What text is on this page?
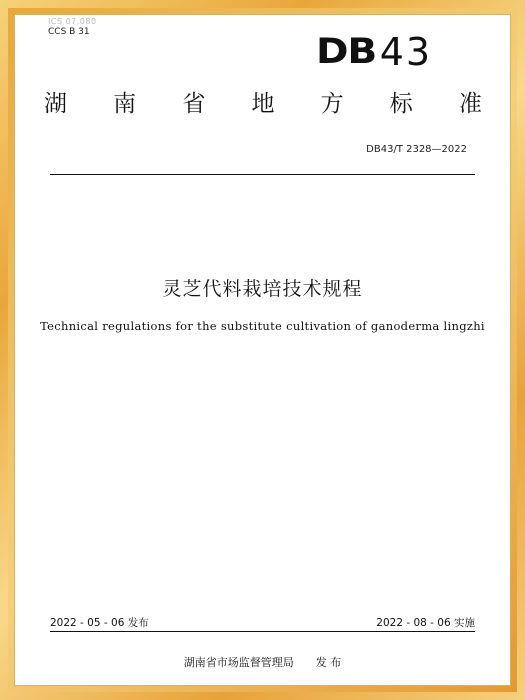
ICS 07.080
CCS B 31	DB 43
湖 南 省 地 方 标 准
DB43/T 2328—2022
灵芝代料栽培技术规程
Technical regulations for the substitute cultivation of ganoderma lingzhi
2022 - 05 - 06 发布	2022 - 08 - 06 实施
湖南省市场监督管理局 发 布
